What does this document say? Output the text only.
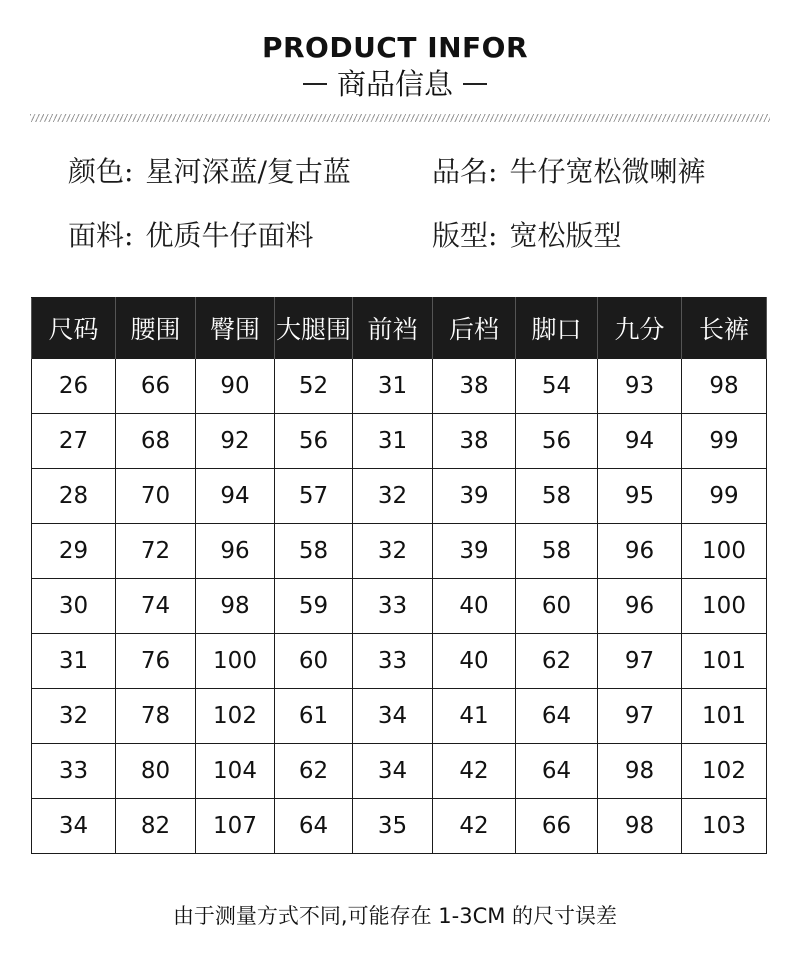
PRODUCT INFOR
商品信息
颜色: 星河深蓝/复古蓝	品名: 牛仔宽松微喇裤
面料: 优质牛仔面料	版型: 宽松版型
尺码	腰围	臀围	大腿围	前裆	后档	脚口	九分	长裤
26	66	90	52	31	38	54	93	98
27	68	92	56	31	38	56	94	99
28	70	94	57	32	39	58	95	99
29	72	96	58	32	39	58	96	100
30	74	98	59	33	40	60	96	100
31	76	100	60	33	40	62	97	101
32	78	102	61	34	41	64	97	101
33	80	104	62	34	42	64	98	102
34	82	107	64	35	42	66	98	103
由于测量方式不同,可能存在 1-3CM 的尺寸误差
